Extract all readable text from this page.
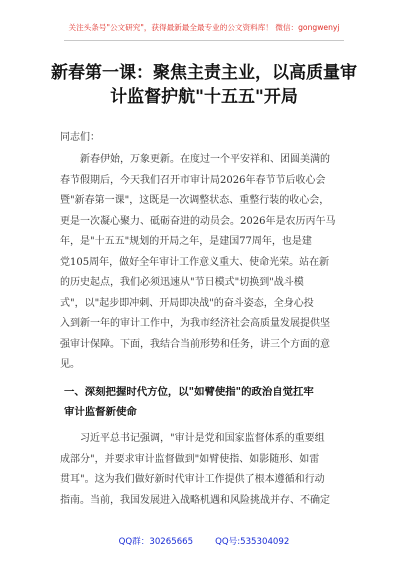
关注头条号"公文研究"，获得最新最全最专业的公文资料库！ 微信：gongwenyj
新春第一课：聚焦主责主业，以高质量审
计监督护航"十五五"开局
同志们：
新春伊始，万象更新。在度过一个平安祥和、团圆美满的
春节假期后，今天我们召开市审计局2026年春节节后收心会
暨"新春第一课"，这既是一次调整状态、重整行装的收心会，
更是一次凝心聚力、砥砺奋进的动员会。2026年是农历丙午马
年，是"十五五"规划的开局之年，是建国77周年，也是建
党105周年，做好全年审计工作意义重大、使命光荣。站在新
的历史起点，我们必须迅速从"节日模式"切换到"战斗模
式"，以"起步即冲刺、开局即决战"的奋斗姿态，全身心投
入到新一年的审计工作中，为我市经济社会高质量发展提供坚
强审计保障。下面，我结合当前形势和任务，讲三个方面的意
见。
一、深刻把握时代方位，以"如臂使指"的政治自觉扛牢
审计监督新使命
习近平总书记强调，"审计是党和国家监督体系的重要组
成部分"，并要求审计监督做到"如臂使指、如影随形、如雷
贯耳"。这为我们做好新时代审计工作提供了根本遵循和行动
指南。当前，我国发展进入战略机遇和风险挑战并存、不确定
QQ群：30265665	QQ号:535304092
